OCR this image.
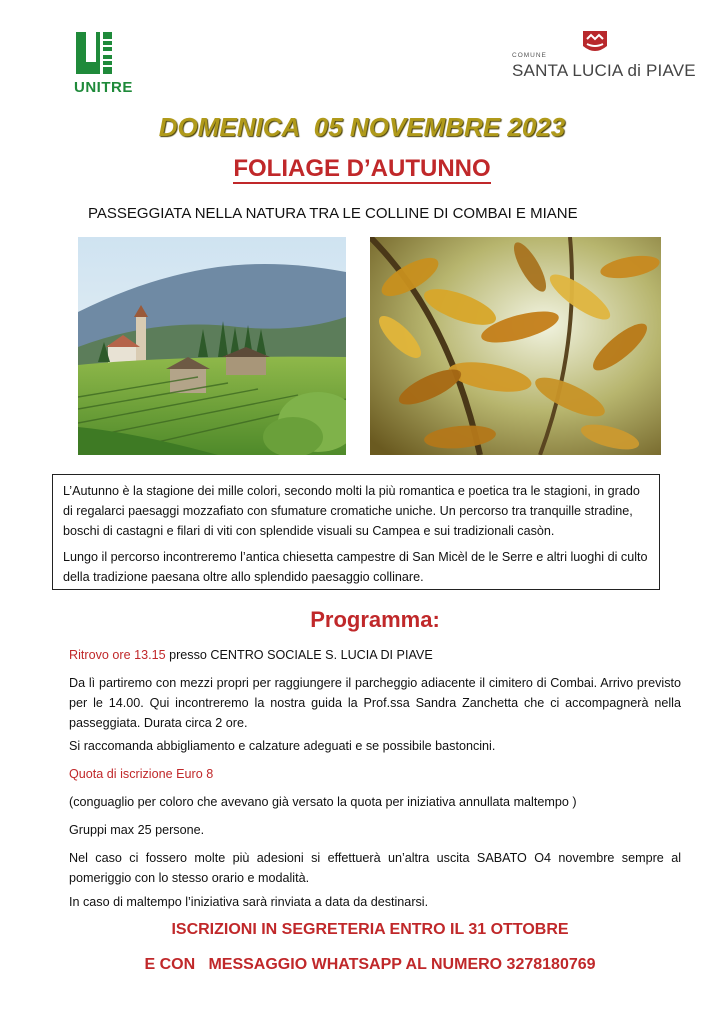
UNITRE
COMUNE
SANTA LUCIA di PIAVE
DOMENICA  05 NOVEMBRE 2023
FOLIAGE D’AUTUNNO
PASSEGGIATA NELLA NATURA TRA LE COLLINE DI COMBAI E MIANE

L’Autunno è la stagione dei mille colori, secondo molti la più romantica e poetica tra le stagioni, in grado di regalarci paesaggi mozzafiato con sfumature cromatiche uniche. Un percorso tra tranquille stradine, boschi di castagni e filari di viti con splendide visuali su Campea e sui tradizionali casòn.

Lungo il percorso incontreremo l’antica chiesetta campestre di San Micèl de le Serre e altri luoghi di culto della tradizione paesana oltre allo splendido paesaggio collinare.

Programma:
Ritrovo ore 13.15 presso CENTRO SOCIALE S. LUCIA DI PIAVE
Da lì partiremo con mezzi propri per raggiungere il parcheggio adiacente il cimitero di Combai. Arrivo previsto per le 14.00. Qui incontreremo la nostra guida la Prof.ssa Sandra Zanchetta che ci accompagnerà nella passeggiata. Durata circa 2 ore.
Si raccomanda abbigliamento e calzature adeguati e se possibile bastoncini.
Quota di iscrizione Euro 8
(conguaglio per coloro che avevano già versato la quota per iniziativa annullata maltempo )
Gruppi max 25 persone.
Nel caso ci fossero molte più adesioni si effettuerà un’altra uscita SABATO O4 novembre sempre al pomeriggio con lo stesso orario e modalità.
In caso di maltempo l’iniziativa sarà rinviata a data da destinarsi.
ISCRIZIONI IN SEGRETERIA ENTRO IL 31 OTTOBRE
E CON   MESSAGGIO WHATSAPP AL NUMERO 3278180769
